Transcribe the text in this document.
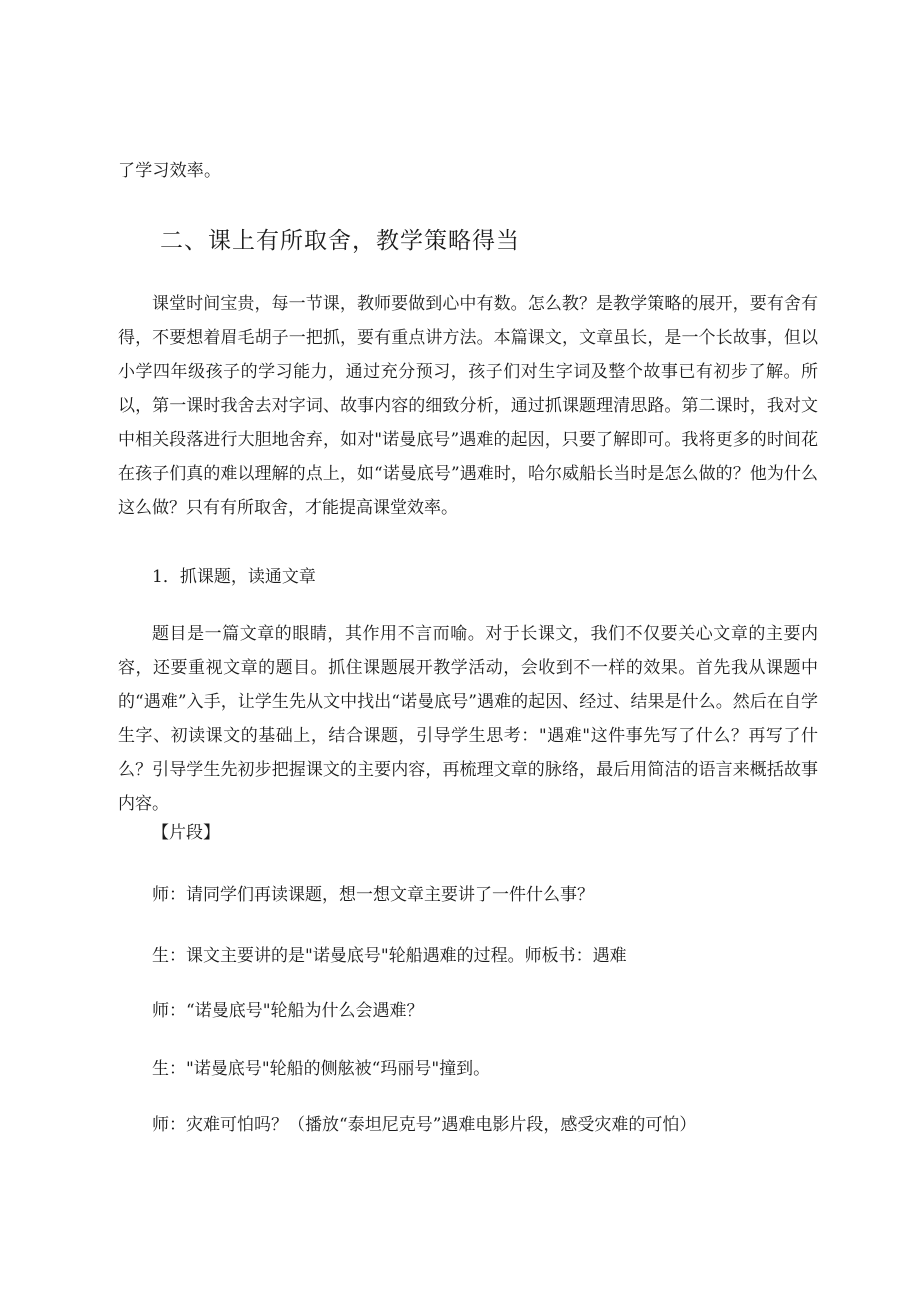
了学习效率。
二、课上有所取舍，教学策略得当
课堂时间宝贵，每一节课，教师要做到心中有数。怎么教？是教学策略的展开，要有舍有得，不要想着眉毛胡子一把抓，要有重点讲方法。本篇课文，文章虽长，是一个长故事，但以小学四年级孩子的学习能力，通过充分预习，孩子们对生字词及整个故事已有初步了解。所以，第一课时我舍去对字词、故事内容的细致分析，通过抓课题理清思路。第二课时，我对文中相关段落进行大胆地舍弃，如对"诺曼底号”遇难的起因，只要了解即可。我将更多的时间花在孩子们真的难以理解的点上，如“诺曼底号”遇难时，哈尔威船长当时是怎么做的？他为什么这么做？只有有所取舍，才能提高课堂效率。
1．抓课题，读通文章
题目是一篇文章的眼睛，其作用不言而喻。对于长课文，我们不仅要关心文章的主要内容，还要重视文章的题目。抓住课题展开教学活动，会收到不一样的效果。首先我从课题中的“遇难”入手，让学生先从文中找出“诺曼底号”遇难的起因、经过、结果是什么。然后在自学生字、初读课文的基础上，结合课题，引导学生思考："遇难"这件事先写了什么？再写了什么？引导学生先初步把握课文的主要内容，再梳理文章的脉络，最后用简洁的语言来概括故事内容。
【片段】
师：请同学们再读课题，想一想文章主要讲了一件什么事？
生：课文主要讲的是"诺曼底号"轮船遇难的过程。师板书：遇难
师：“诺曼底号"轮船为什么会遇难？
生："诺曼底号"轮船的侧舷被“玛丽号"撞到。
师：灾难可怕吗？（播放“泰坦尼克号”遇难电影片段，感受灾难的可怕）
